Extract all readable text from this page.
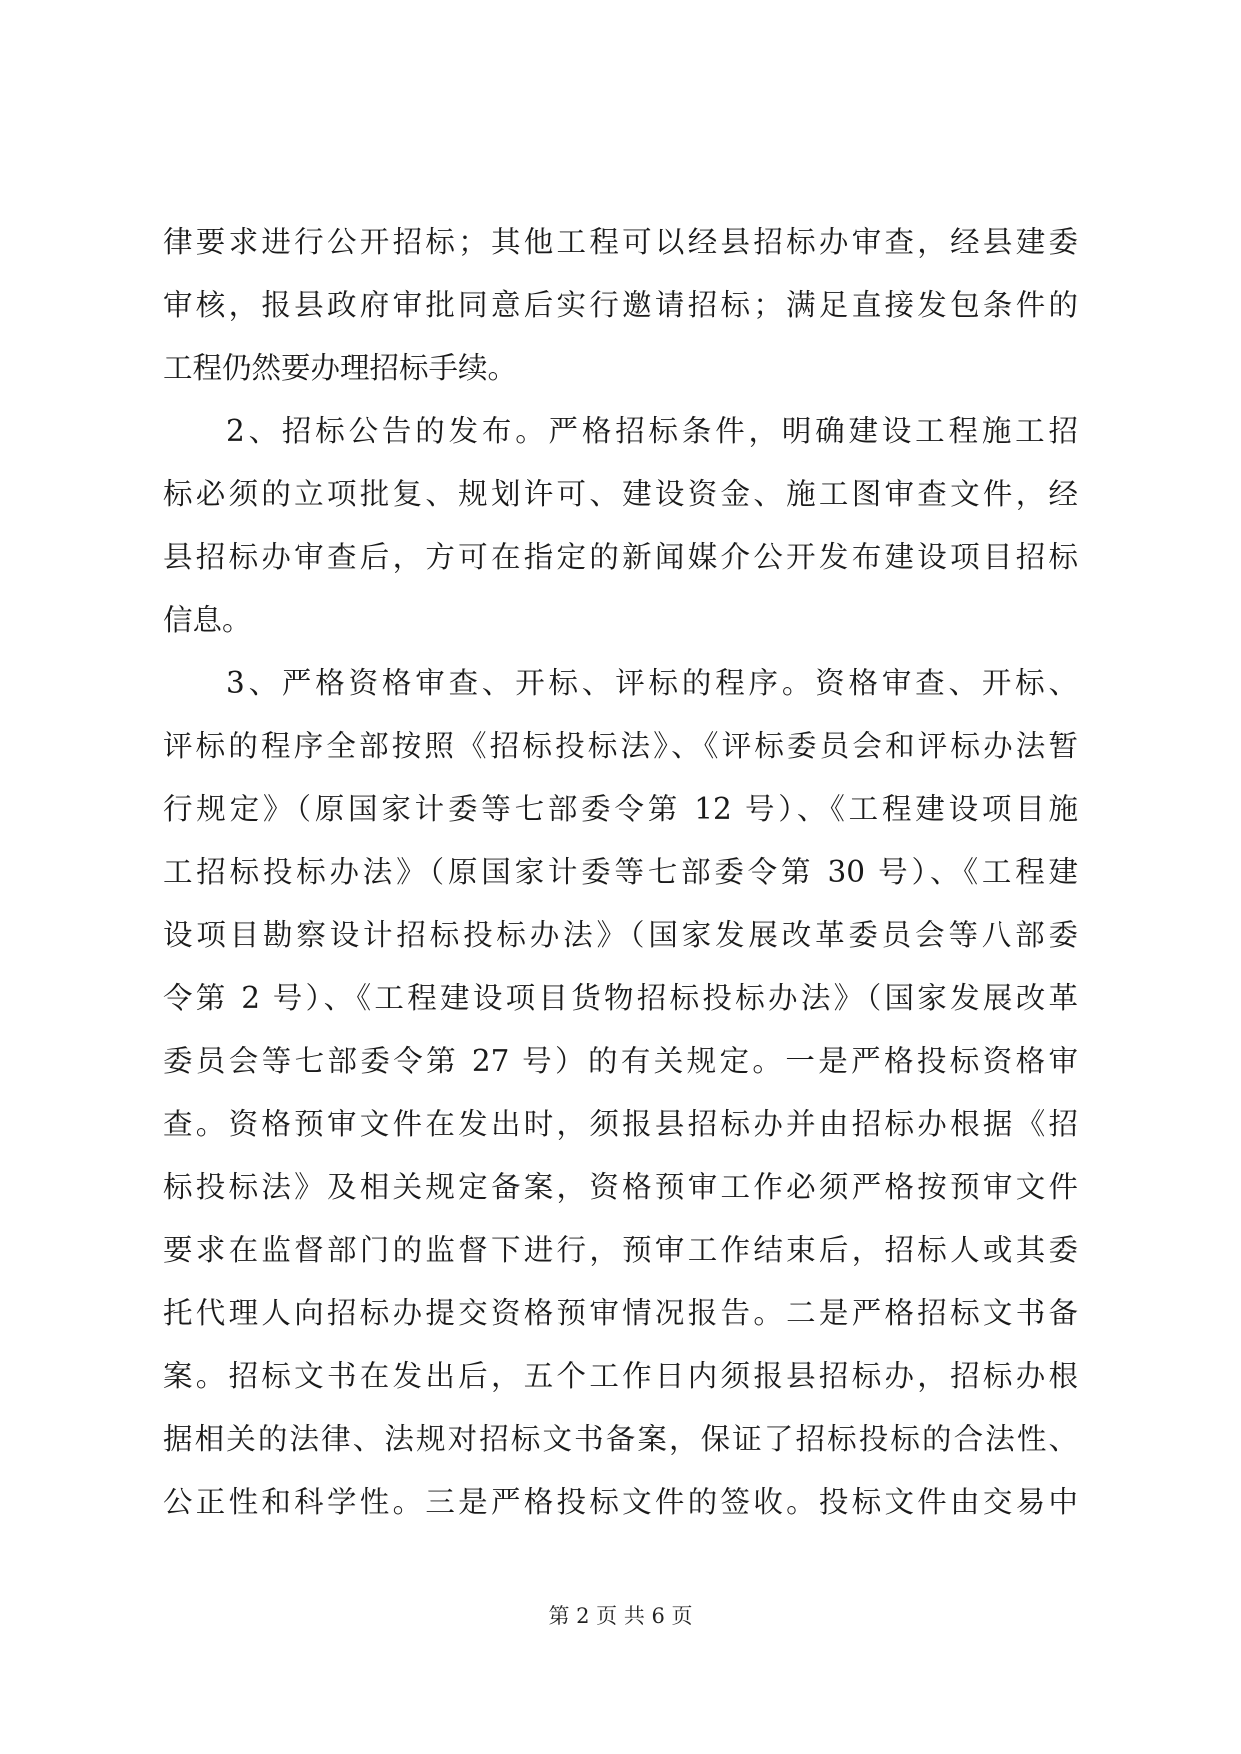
律要求进行公开招标；其他工程可以经县招标办审查，经县建委
审核，报县政府审批同意后实行邀请招标；满足直接发包条件的
工程仍然要办理招标手续。
2、招标公告的发布。严格招标条件，明确建设工程施工招
标必须的立项批复、规划许可、建设资金、施工图审查文件，经
县招标办审查后，方可在指定的新闻媒介公开发布建设项目招标
信息。
3、严格资格审查、开标、评标的程序。资格审查、开标、
评标的程序全部按照《招标投标法》、《评标委员会和评标办法暂
行规定》（原国家计委等七部委令第 12 号）、《工程建设项目施
工招标投标办法》（原国家计委等七部委令第 30 号）、《工程建
设项目勘察设计招标投标办法》（国家发展改革委员会等八部委
令第 2 号）、《工程建设项目货物招标投标办法》（国家发展改革
委员会等七部委令第 27 号）的有关规定。一是严格投标资格审
查。资格预审文件在发出时，须报县招标办并由招标办根据《招
标投标法》及相关规定备案，资格预审工作必须严格按预审文件
要求在监督部门的监督下进行，预审工作结束后，招标人或其委
托代理人向招标办提交资格预审情况报告。二是严格招标文书备
案。招标文书在发出后，五个工作日内须报县招标办，招标办根
据相关的法律、法规对招标文书备案，保证了招标投标的合法性、
公正性和科学性。三是严格投标文件的签收。投标文件由交易中
第 2 页 共 6 页
